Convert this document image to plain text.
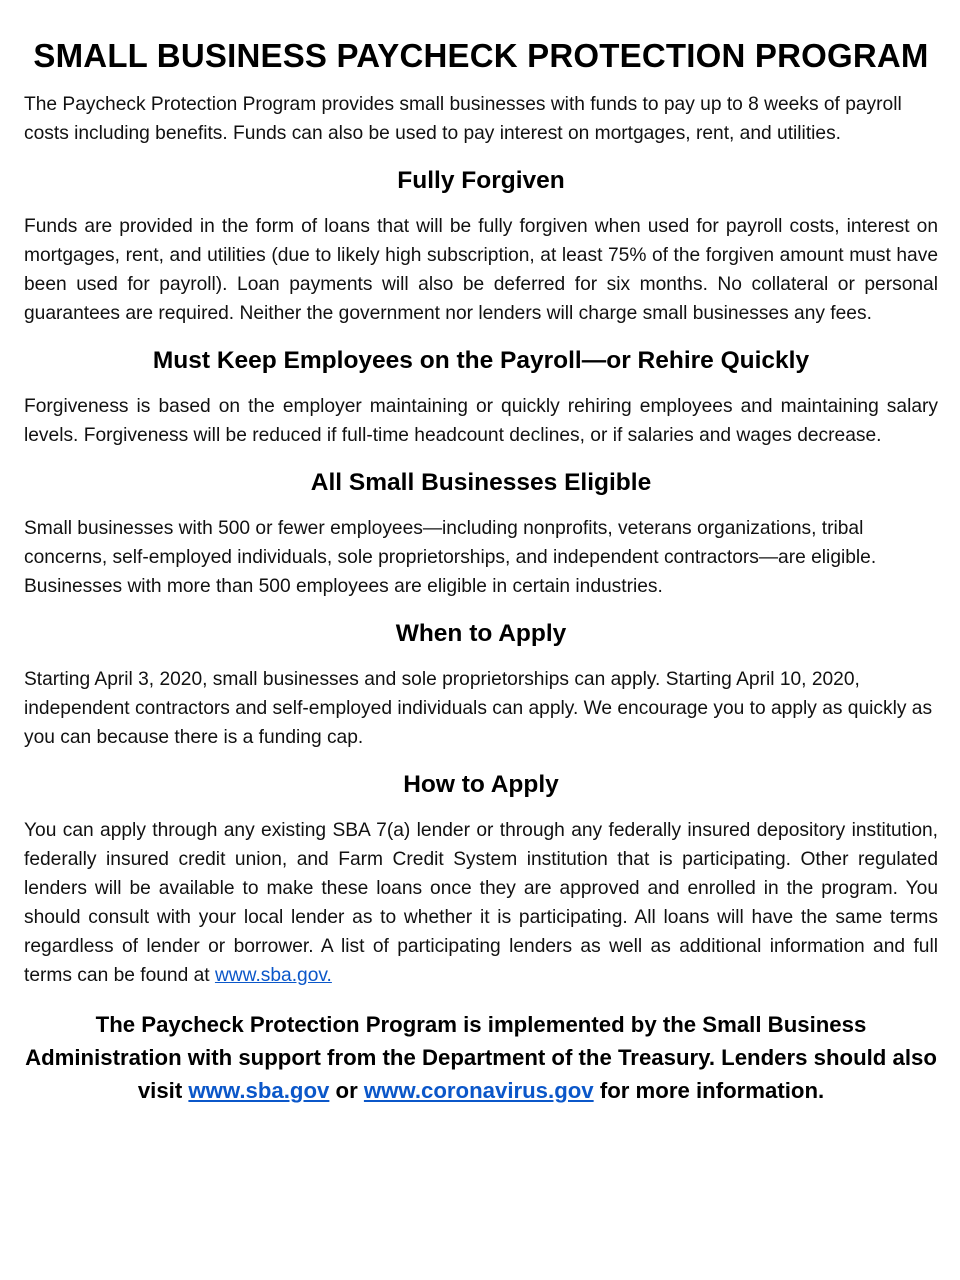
SMALL BUSINESS PAYCHECK PROTECTION PROGRAM

The Paycheck Protection Program provides small businesses with funds to pay up to 8 weeks of payroll costs including benefits. Funds can also be used to pay interest on mortgages, rent, and utilities.

Fully Forgiven

Funds are provided in the form of loans that will be fully forgiven when used for payroll costs, interest on mortgages, rent, and utilities (due to likely high subscription, at least 75% of the forgiven amount must have been used for payroll). Loan payments will also be deferred for six months. No collateral or personal guarantees are required. Neither the government nor lenders will charge small businesses any fees.

Must Keep Employees on the Payroll—or Rehire Quickly

Forgiveness is based on the employer maintaining or quickly rehiring employees and maintaining salary levels. Forgiveness will be reduced if full-time headcount declines, or if salaries and wages decrease.

All Small Businesses Eligible

Small businesses with 500 or fewer employees—including nonprofits, veterans organizations, tribal concerns, self-employed individuals, sole proprietorships, and independent contractors—are eligible. Businesses with more than 500 employees are eligible in certain industries.

When to Apply

Starting April 3, 2020, small businesses and sole proprietorships can apply. Starting April 10, 2020, independent contractors and self-employed individuals can apply. We encourage you to apply as quickly as you can because there is a funding cap.

How to Apply

You can apply through any existing SBA 7(a) lender or through any federally insured depository institution, federally insured credit union, and Farm Credit System institution that is participating. Other regulated lenders will be available to make these loans once they are approved and enrolled in the program. You should consult with your local lender as to whether it is participating. All loans will have the same terms regardless of lender or borrower. A list of participating lenders as well as additional information and full terms can be found at www.sba.gov.

The Paycheck Protection Program is implemented by the Small Business Administration with support from the Department of the Treasury. Lenders should also visit www.sba.gov or www.coronavirus.gov for more information.
